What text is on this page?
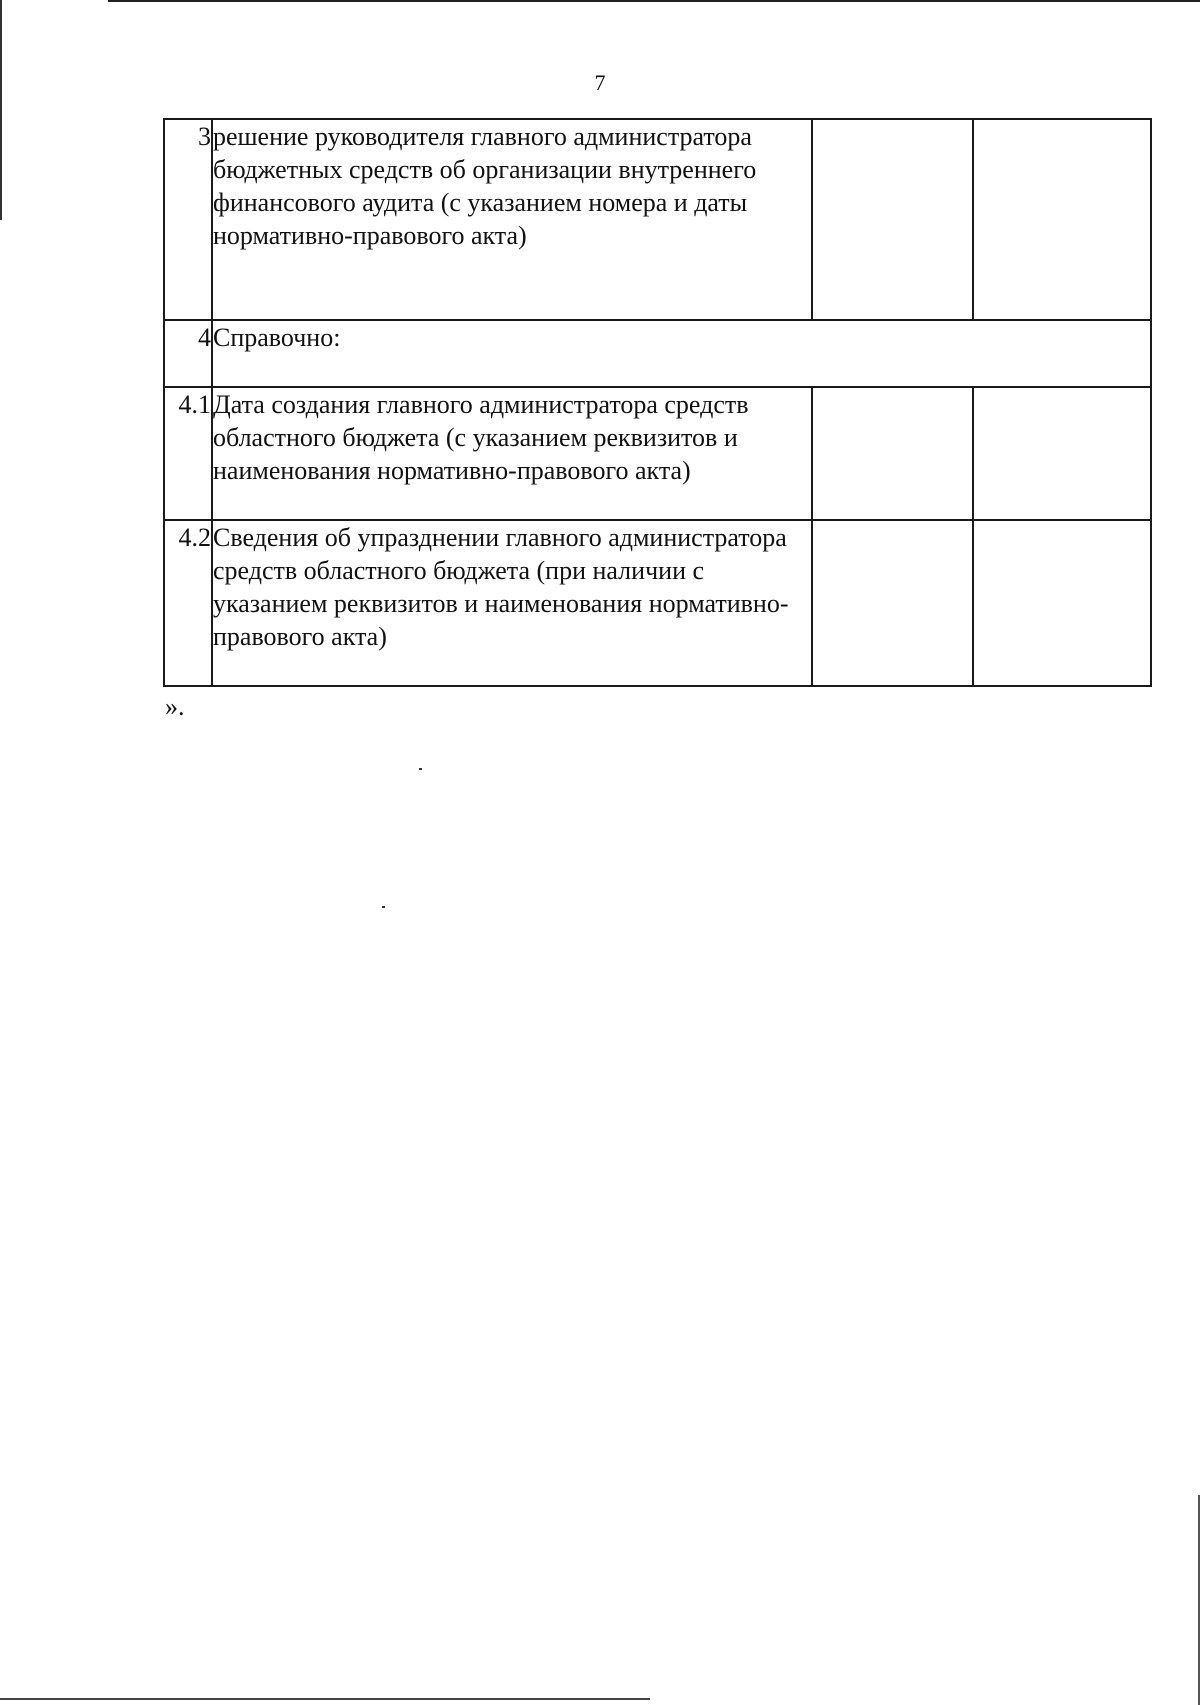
7
3	решение руководителя главного администратора бюджетных средств об организации внутреннего финансового аудита (с указанием номера и даты нормативно-правового акта)		
4	Справочно:		
4.1	Дата создания главного администратора средств областного бюджета (с указанием реквизитов и наименования нормативно-правового акта)		
4.2	Сведения об упразднении главного администратора средств областного бюджета (при наличии с указанием реквизитов и наименования нормативно-правового акта)		
».
